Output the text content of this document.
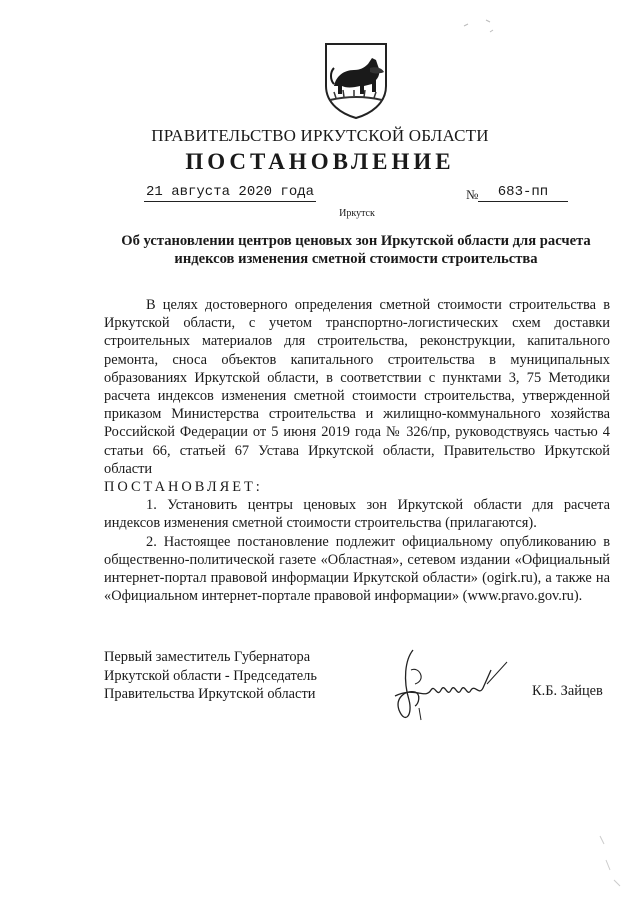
ПРАВИТЕЛЬСТВО ИРКУТСКОЙ ОБЛАСТИ
ПОСТАНОВЛЕНИЕ
21 августа 2020 года	№	683-пп
Иркутск
Об установлении центров ценовых зон Иркутской области для расчета индексов изменения сметной стоимости строительства

В целях достоверного определения сметной стоимости строительства в Иркутской области, с учетом транспортно-логистических схем доставки строительных материалов для строительства, реконструкции, капитального ремонта, сноса объектов капитального строительства в муниципальных образованиях Иркутской области, в соответствии с пунктами 3, 75 Методики расчета индексов изменения сметной стоимости строительства, утвержденной приказом Министерства строительства и жилищно-коммунального хозяйства Российской Федерации от 5 июня 2019 года № 326/пр, руководствуясь частью 4 статьи 66, статьей 67 Устава Иркутской области, Правительство Иркутской области

ПОСТАНОВЛЯЕТ:

1. Установить центры ценовых зон Иркутской области для расчета индексов изменения сметной стоимости строительства (прилагаются).

2. Настоящее постановление подлежит официальному опубликованию в общественно-политической газете «Областная», сетевом издании «Официальный интернет-портал правовой информации Иркутской области» (ogirk.ru), а также на «Официальном интернет-портале правовой информации» (www.pravo.gov.ru).

Первый заместитель Губернатора
Иркутской области - Председатель
Правительства Иркутской области	К.Б. Зайцев
